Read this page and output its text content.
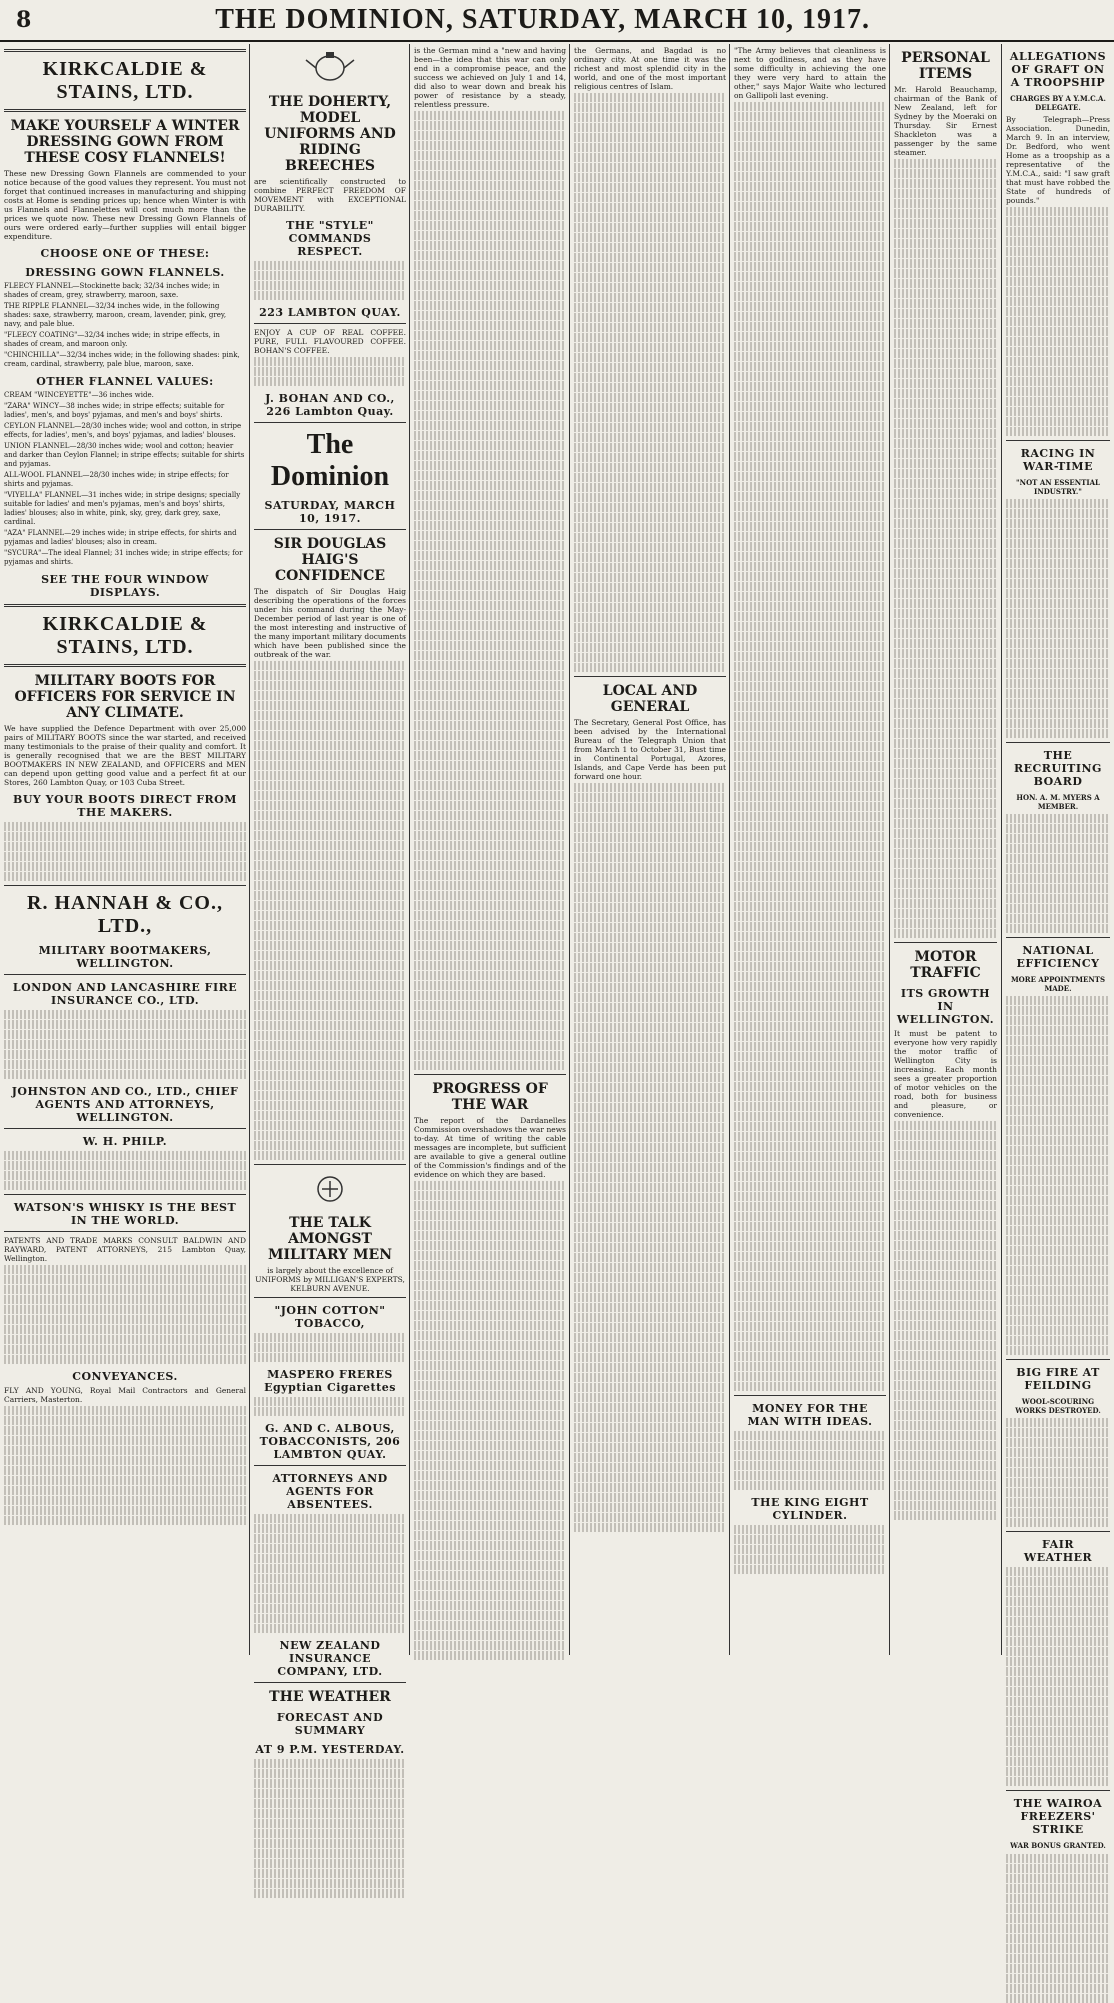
8	THE DOMINION, SATURDAY, MARCH 10, 1917.
KIRKCALDIE & STAINS, LTD.
MAKE YOURSELF A WINTER DRESSING GOWN FROM THESE COSY FLANNELS!
These new Dressing Gown Flannels are commended to your notice because of the good values they represent. You must not forget that continued increases in manufacturing and shipping costs at Home is sending prices up; hence when Winter is with us Flannels and Flannelettes will cost much more than the prices we quote now. These new Dressing Gown Flannels of ours were ordered early—further supplies will entail bigger expenditure.
CHOOSE ONE OF THESE:
DRESSING GOWN FLANNELS.
FLEECY FLANNEL—Stockinette back; 32/34 inches wide; in shades of cream, grey, strawberry, maroon, saxe.
THE RIPPLE FLANNEL—32/34 inches wide, in the following shades: saxe, strawberry, maroon, cream, lavender, pink, grey, navy, and pale blue.
"FLEECY COATING"—32/34 inches wide; in stripe effects, in shades of cream, and maroon only.
"CHINCHILLA"—32/34 inches wide; in the following shades: pink, cream, cardinal, strawberry, pale blue, maroon, saxe.
OTHER FLANNEL VALUES:
CREAM "WINCEYETTE"—36 inches wide.
"ZARA" WINCY—38 inches wide; in stripe effects; suitable for ladies', men's, and boys' pyjamas, and men's and boys' shirts.
CEYLON FLANNEL—28/30 inches wide; wool and cotton, in stripe effects, for ladies', men's, and boys' pyjamas, and ladies' blouses.
UNION FLANNEL—28/30 inches wide; wool and cotton; heavier and darker than Ceylon Flannel; in stripe effects; suitable for shirts and pyjamas.
ALL-WOOL FLANNEL—28/30 inches wide; in stripe effects; for shirts and pyjamas.
"VIYELLA" FLANNEL—31 inches wide; in stripe designs; specially suitable for ladies' and men's pyjamas, men's and boys' shirts, ladies' blouses; also in white, pink, sky, grey, dark grey, saxe, cardinal.
"AZA" FLANNEL—29 inches wide; in stripe effects, for shirts and pyjamas and ladies' blouses; also in cream.
"SYCURA"—The ideal Flannel; 31 inches wide; in stripe effects; for pyjamas and shirts.
SEE THE FOUR WINDOW DISPLAYS.
KIRKCALDIE & STAINS, LTD.
MILITARY BOOTS FOR OFFICERS FOR SERVICE IN ANY CLIMATE.
We have supplied the Defence Department with over 25,000 pairs of MILITARY BOOTS since the war started, and received many testimonials to the praise of their quality and comfort. It is generally recognised that we are the BEST MILITARY BOOTMAKERS IN NEW ZEALAND, and OFFICERS and MEN can depend upon getting good value and a perfect fit at our Stores, 260 Lambton Quay, or 103 Cuba Street.
BUY YOUR BOOTS DIRECT FROM THE MAKERS.
R. HANNAH & CO., LTD.,
MILITARY BOOTMAKERS, WELLINGTON.
LONDON AND LANCASHIRE FIRE INSURANCE CO., LTD.
JOHNSTON AND CO., LTD., CHIEF AGENTS AND ATTORNEYS, WELLINGTON.
W. H. PHILP.
WATSON'S WHISKY IS THE BEST IN THE WORLD.
PATENTS AND TRADE MARKS CONSULT BALDWIN AND RAYWARD, PATENT ATTORNEYS, 215 Lambton Quay, Wellington.
CONVEYANCES.
FLY AND YOUNG, Royal Mail Contractors and General Carriers, Masterton.
THE DOHERTY, MODEL UNIFORMS AND RIDING BREECHES
are scientifically constructed to combine PERFECT FREEDOM OF MOVEMENT with EXCEPTIONAL DURABILITY.
THE "STYLE" COMMANDS RESPECT.
223 LAMBTON QUAY.
ENJOY A CUP OF REAL COFFEE. PURE, FULL FLAVOURED COFFEE. BOHAN'S COFFEE.
J. BOHAN AND CO., 226 Lambton Quay.
The Dominion
SATURDAY, MARCH 10, 1917.
SIR DOUGLAS HAIG'S CONFIDENCE
The dispatch of Sir Douglas Haig describing the operations of the forces under his command during the May-December period of last year is one of the most interesting and instructive of the many important military documents which have been published since the outbreak of the war.
THE TALK AMONGST MILITARY MEN
is largely about the excellence of UNIFORMS by MILLIGAN'S EXPERTS, KELBURN AVENUE.
"JOHN COTTON" TOBACCO,
MASPERO FRERES Egyptian Cigarettes
G. AND C. ALBOUS, TOBACCONISTS, 206 LAMBTON QUAY.
ATTORNEYS AND AGENTS FOR ABSENTEES.
NEW ZEALAND INSURANCE COMPANY, LTD.
THE WEATHER
FORECAST AND SUMMARY
AT 9 P.M. YESTERDAY.
is the German mind a "new and having been—the idea that this war can only end in a compromise peace, and the success we achieved on July 1 and 14, did also to wear down and break his power of resistance by a steady, relentless pressure.
PROGRESS OF THE WAR
The report of the Dardanelles Commission overshadows the war news to-day. At time of writing the cable messages are incomplete, but sufficient are available to give a general outline of the Commission's findings and of the evidence on which they are based.
the Germans, and Bagdad is no ordinary city. At one time it was the richest and most splendid city in the world, and one of the most important religious centres of Islam.
LOCAL AND GENERAL
The Secretary, General Post Office, has been advised by the International Bureau of the Telegraph Union that from March 1 to October 31, Bust time in Continental Portugal, Azores, Islands, and Cape Verde has been put forward one hour.
"The Army believes that cleanliness is next to godliness, and as they have some difficulty in achieving the one they were very hard to attain the other," says Major Waite who lectured on Gallipoli last evening.
MONEY FOR THE MAN WITH IDEAS.
THE KING EIGHT CYLINDER.
PERSONAL ITEMS
Mr. Harold Beauchamp, chairman of the Bank of New Zealand, left for Sydney by the Moeraki on Thursday. Sir Ernest Shackleton was a passenger by the same steamer.
MOTOR TRAFFIC
ITS GROWTH IN WELLINGTON.
It must be patent to everyone how very rapidly the motor traffic of Wellington City is increasing. Each month sees a greater proportion of motor vehicles on the road, both for business and pleasure, or convenience.
ALLEGATIONS OF GRAFT ON A TROOPSHIP
CHARGES BY A Y.M.C.A. DELEGATE.
By Telegraph—Press Association. Dunedin, March 9. In an interview, Dr. Bedford, who went Home as a troopship as a representative of the Y.M.C.A., said: "I saw graft that must have robbed the State of hundreds of pounds."
RACING IN WAR-TIME
"NOT AN ESSENTIAL INDUSTRY."
THE RECRUITING BOARD
HON. A. M. MYERS A MEMBER.
NATIONAL EFFICIENCY
MORE APPOINTMENTS MADE.
BIG FIRE AT FEILDING
WOOL-SCOURING WORKS DESTROYED.
FAIR WEATHER
THE WAIROA FREEZERS' STRIKE
WAR BONUS GRANTED.
